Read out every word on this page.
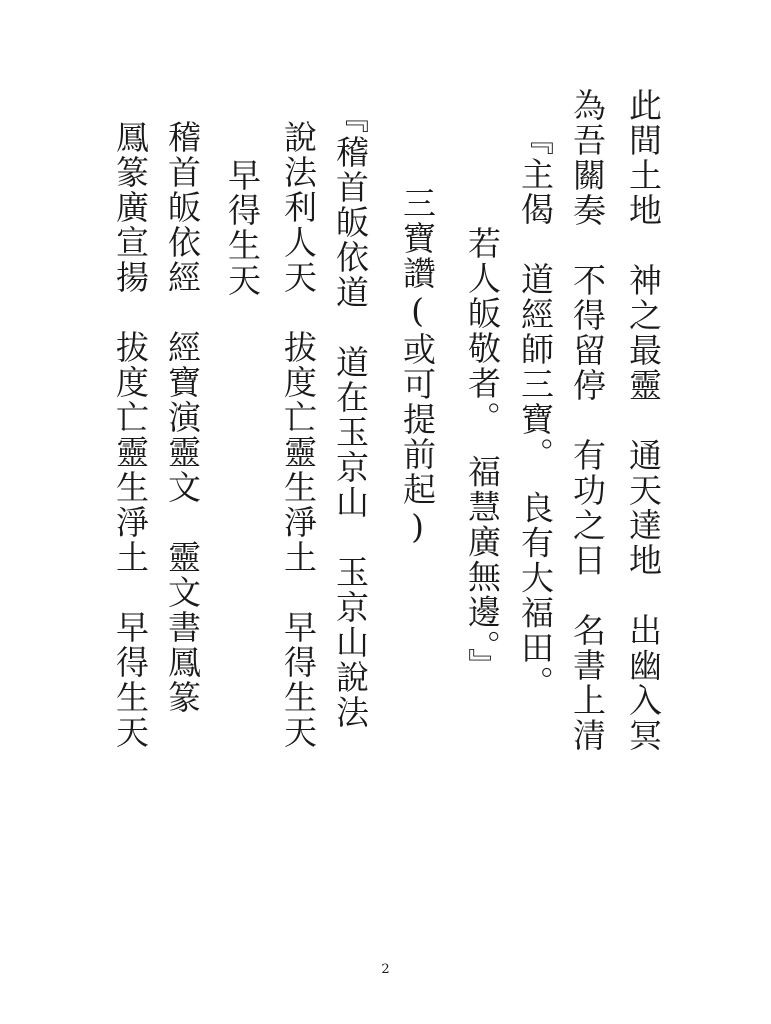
此間土地　神之最靈　通天達地　出幽入冥

為吾關奏　不得留停　有功之日　名書上清

『主偈　道經師三寶。　良有大福田。

若人皈敬者。　福慧廣無邊。』

三寶讚(或可提前起)

『稽首皈依道　道在玉京山　玉京山說法

說法利人天　拔度亡靈生淨土　早得生天

早得生天

稽首皈依經　經寶演靈文　靈文書鳳篆

鳳篆廣宣揚　拔度亡靈生淨土　早得生天

2
